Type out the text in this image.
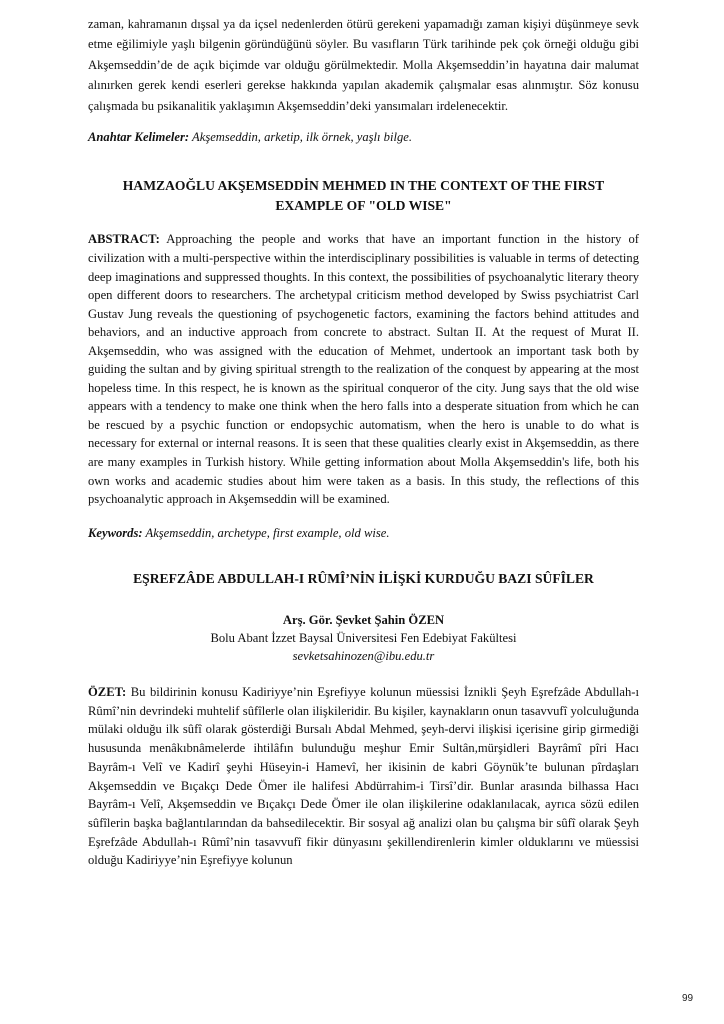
zaman, kahramanın dışsal ya da içsel nedenlerden ötürü gerekeni yapamadığı zaman kişiyi düşünmeye sevk etme eğilimiyle yaşlı bilgenin göründüğünü söyler. Bu vasıfların Türk tarihinde pek çok örneği olduğu gibi Akşemseddin’de de açık biçimde var olduğu görülmektedir. Molla Akşemseddin’in hayatına dair malumat alınırken gerek kendi eserleri gerekse hakkında yapılan akademik çalışmalar esas alınmıştır. Söz konusu çalışmada bu psikanalitik yaklaşımın Akşemseddin’deki yansımaları irdelenecektir.

Anahtar Kelimeler: Akşemseddin, arketip, ilk örnek, yaşlı bilge.

HAMZAOĞLU AKŞEMSEDDİN MEHMED IN THE CONTEXT OF THE FIRST EXAMPLE OF "OLD WISE"

ABSTRACT: Approaching the people and works that have an important function in the history of civilization with a multi-perspective within the interdisciplinary possibilities is valuable in terms of detecting deep imaginations and suppressed thoughts. In this context, the possibilities of psychoanalytic literary theory open different doors to researchers. The archetypal criticism method developed by Swiss psychiatrist Carl Gustav Jung reveals the questioning of psychogenetic factors, examining the factors behind attitudes and behaviors, and an inductive approach from concrete to abstract. Sultan II. At the request of Murat II. Akşemseddin, who was assigned with the education of Mehmet, undertook an important task both by guiding the sultan and by giving spiritual strength to the realization of the conquest by appearing at the most hopeless time. In this respect, he is known as the spiritual conqueror of the city. Jung says that the old wise appears with a tendency to make one think when the hero falls into a desperate situation from which he can be rescued by a psychic function or endopsychic automatism, when the hero is unable to do what is necessary for external or internal reasons. It is seen that these qualities clearly exist in Akşemseddin, as there are many examples in Turkish history. While getting information about Molla Akşemseddin's life, both his own works and academic studies about him were taken as a basis. In this study, the reflections of this psychoanalytic approach in Akşemseddin will be examined.

Keywords: Akşemseddin, archetype, first example, old wise.

EŞREFZÂDE ABDULLAH-I RÛMÎ’NİN İLİŞKİ KURDUĞU BAZI SÛFÎLER
Arş. Gör. Şevket Şahin ÖZEN
Bolu Abant İzzet Baysal Üniversitesi Fen Edebiyat Fakültesi
sevketsahinozen@ibu.edu.tr

ÖZET: Bu bildirinin konusu Kadiriyye’nin Eşrefiyye kolunun müessisi İznikli Şeyh Eşrefzâde Abdullah-ı Rûmî’nin devrindeki muhtelif sûfîlerle olan ilişkileridir. Bu kişiler, kaynakların onun tasavvufî yolculuğunda mülaki olduğu ilk sûfî olarak gösterdiği Bursalı Abdal Mehmed, şeyh-dervi ilişkisi içerisine girip girmediği hususunda menâkıbnâmelerde ihtilâfın bulunduğu meşhur Emir Sultân,mürşidleri Bayrâmî pîri Hacı Bayrâm-ı Velî ve Kadirî şeyhi Hüseyin-i Hamevî, her ikisinin de kabri Göynük’te bulunan pîrdaşları Akşemseddin ve Bıçakçı Dede Ömer ile halifesi Abdürrahim-i Tirsî’dir. Bunlar arasında bilhassa Hacı Bayrâm-ı Velî, Akşemseddin ve Bıçakçı Dede Ömer ile olan ilişkilerine odaklanılacak, ayrıca sözü edilen sûfîlerin başka bağlantılarından da bahsedilecektir. Bir sosyal ağ analizi olan bu çalışma bir sûfî olarak Şeyh Eşrefzâde Abdullah-ı Rûmî’nin tasavvufî fikir dünyasını şekillendirenlerin kimler olduklarını ve müessisi olduğu Kadiriyye’nin Eşrefiyye kolunun

99
